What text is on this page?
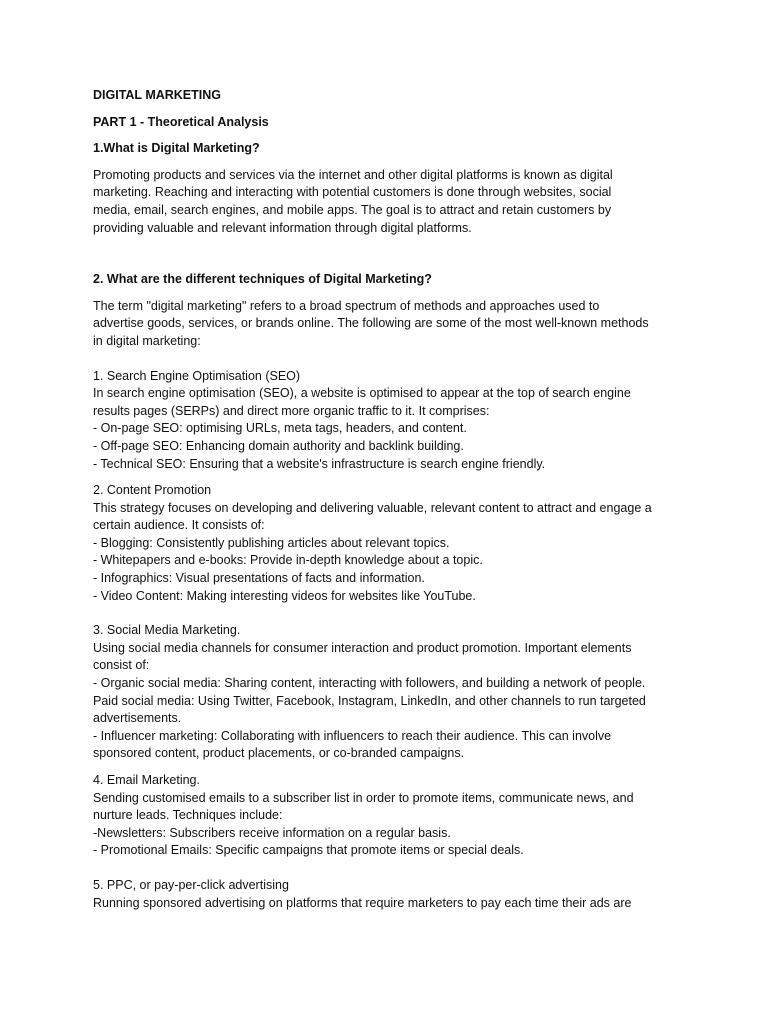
DIGITAL MARKETING
PART 1 - Theoretical Analysis
1.What is Digital Marketing?
Promoting products and services via the internet and other digital platforms is known as digital
marketing. Reaching and interacting with potential customers is done through websites, social
media, email, search engines, and mobile apps. The goal is to attract and retain customers by
providing valuable and relevant information through digital platforms.
2. What are the different techniques of Digital Marketing?
The term "digital marketing" refers to a broad spectrum of methods and approaches used to
advertise goods, services, or brands online. The following are some of the most well-known methods
in digital marketing:
1. Search Engine Optimisation (SEO)
In search engine optimisation (SEO), a website is optimised to appear at the top of search engine
results pages (SERPs) and direct more organic traffic to it. It comprises:
- On-page SEO: optimising URLs, meta tags, headers, and content.
- Off-page SEO: Enhancing domain authority and backlink building.
- Technical SEO: Ensuring that a website's infrastructure is search engine friendly.
2. Content Promotion
This strategy focuses on developing and delivering valuable, relevant content to attract and engage a
certain audience. It consists of:
- Blogging: Consistently publishing articles about relevant topics.
- Whitepapers and e-books: Provide in-depth knowledge about a topic.
- Infographics: Visual presentations of facts and information.
- Video Content: Making interesting videos for websites like YouTube.
3. Social Media Marketing.
Using social media channels for consumer interaction and product promotion. Important elements
consist of:
- Organic social media: Sharing content, interacting with followers, and building a network of people.
Paid social media: Using Twitter, Facebook, Instagram, LinkedIn, and other channels to run targeted
advertisements.
- Influencer marketing: Collaborating with influencers to reach their audience. This can involve
sponsored content, product placements, or co-branded campaigns.
4. Email Marketing.
Sending customised emails to a subscriber list in order to promote items, communicate news, and
nurture leads. Techniques include:
-Newsletters: Subscribers receive information on a regular basis.
- Promotional Emails: Specific campaigns that promote items or special deals.
5. PPC, or pay-per-click advertising
Running sponsored advertising on platforms that require marketers to pay each time their ads are
